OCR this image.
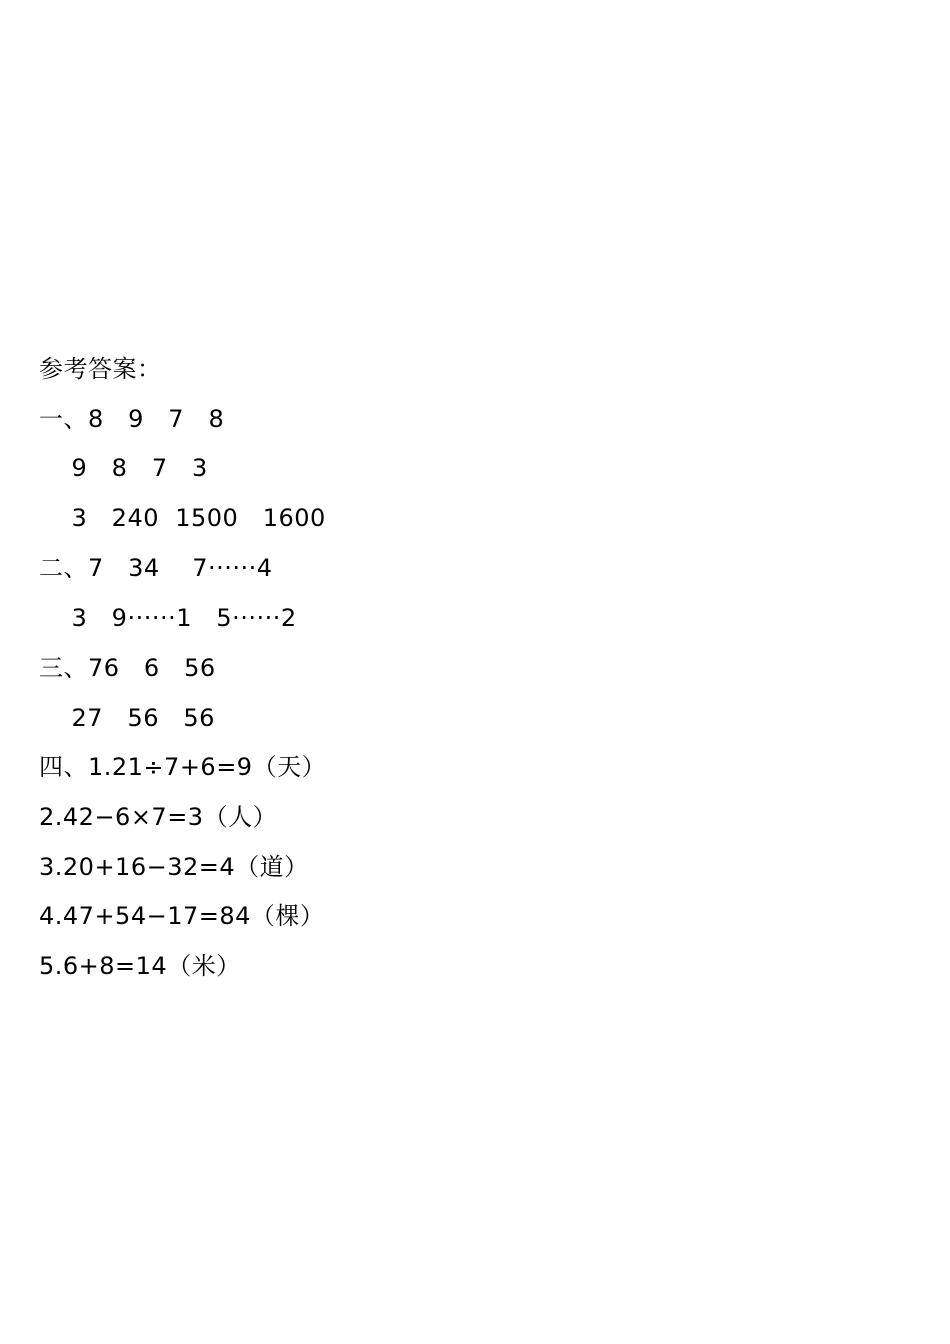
参考答案：
一、8   9   7   8
9   8   7   3
3   240  1500   1600
二、7   34    7······4
3   9······1   5······2
三、76   6   56
27   56   56
四、1.21÷7+6=9（天）
2.42−6×7=3（人）
3.20+16−32=4（道）
4.47+54−17=84（棵）
5.6+8=14（米）
